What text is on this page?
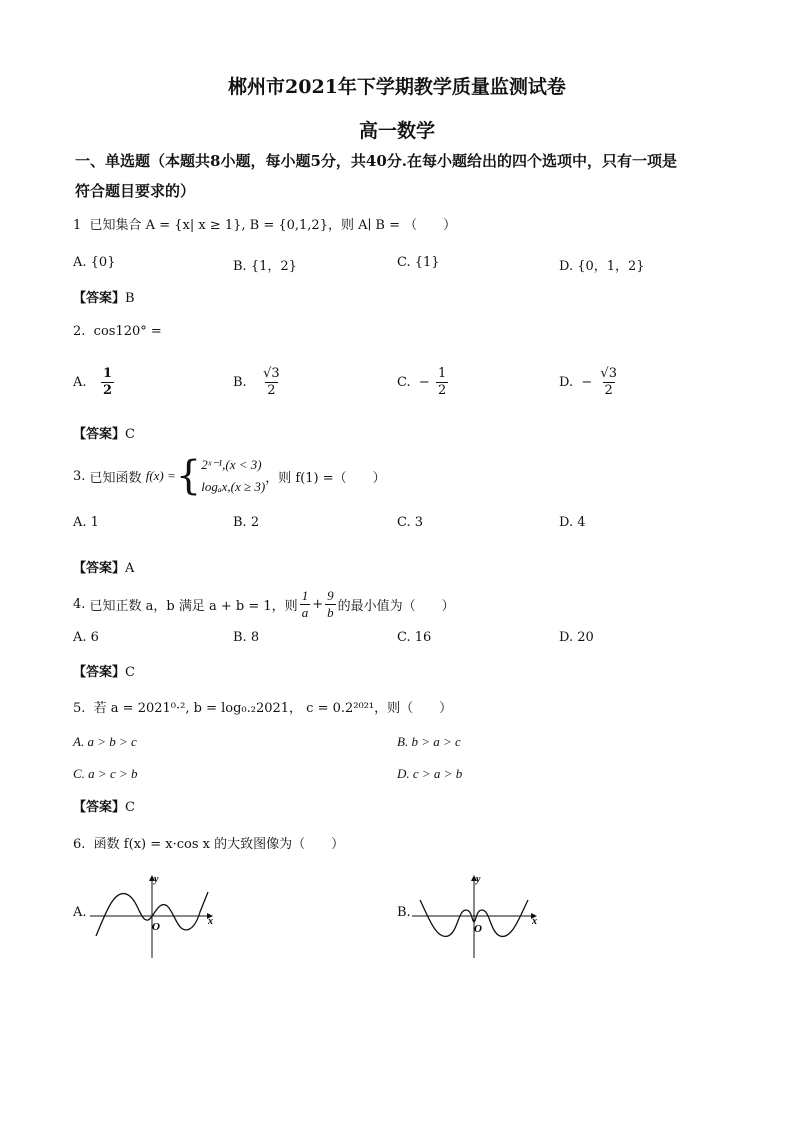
郴州市2021年下学期教学质量监测试卷
高一数学
一、单选题（本题共8小题，每小题5分，共40分.在每小题给出的四个选项中，只有一项是
符合题目要求的）
1 已知集合 A = {x| x ≥ 1}, B = {0,1,2}，则 A∣ B = （　　）
A. {0}	B. {1，2}	C. {1}	D. {0，1，2}
【答案】B
2. cos120° =
A. $\frac{1}{2}$	B. $\frac{√3}{2}$	C. − $\frac{1}{2}$	D. − $\frac{√3}{2}$
【答案】C
3.
已知函数
f(x) = { 2ˣ⁻¹,(x < 3)
logₐx,(x ≥ 3)
，则 f(1) =（　　）
A. 1	B. 2	C. 3	D. 4
【答案】A
4.
已知正数 a，b 满足 a + b = 1，则 $\frac{1}{a} + \frac{9}{b}$ 的最小值为（　　）
A. 6	B. 8	C. 16	D. 20
【答案】C
5. 若 a = 2021⁰·², b = log₀.₂2021， c = 0.2²⁰²¹，则（　　）
A. a > b > c	B. b > a > c
C. a > c > b	D. c > a > b
【答案】C
6. 函数 f(x) = x·cos x 的大致图像为（　　）
A.
y
x
O
B.
y
x
O
